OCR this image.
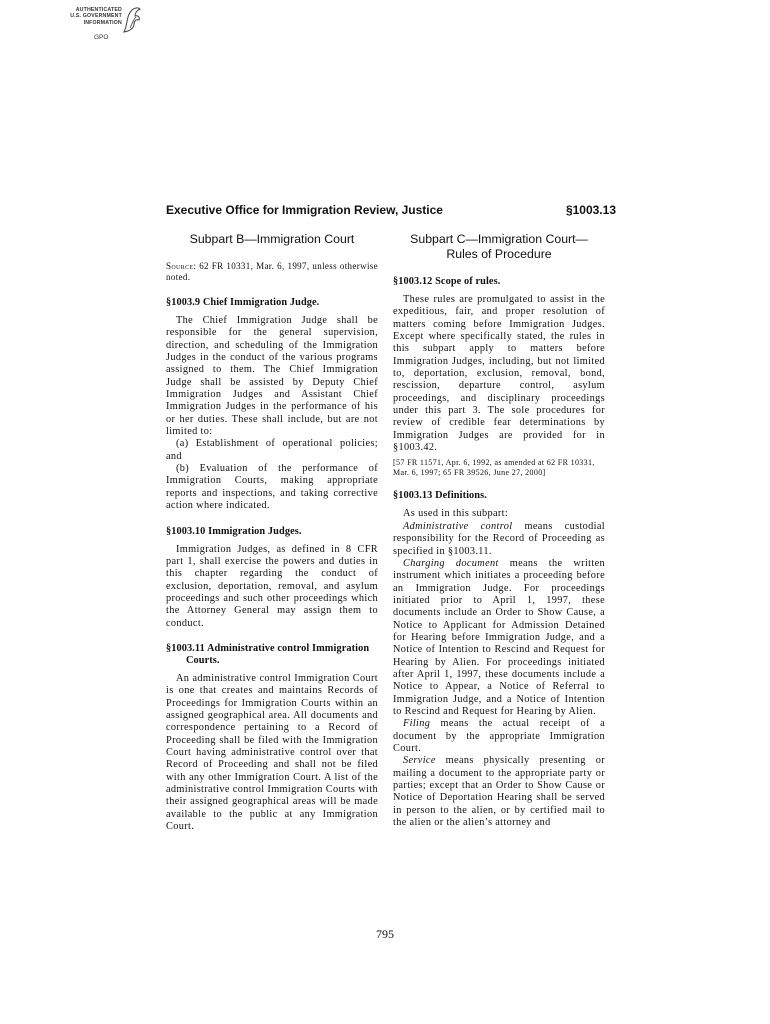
AUTHENTICATED
U.S. GOVERNMENT
INFORMATION
GPO
Executive Office for Immigration Review, Justice	§1003.13
Subpart B—Immigration Court
Source: 62 FR 10331, Mar. 6, 1997, unless otherwise noted.
§1003.9 Chief Immigration Judge.

The Chief Immigration Judge shall be responsible for the general supervision, direction, and scheduling of the Immigration Judges in the conduct of the various programs assigned to them. The Chief Immigration Judge shall be assisted by Deputy Chief Immigration Judges and Assistant Chief Immigration Judges in the performance of his or her duties. These shall include, but are not limited to:

(a) Establishment of operational policies; and

(b) Evaluation of the performance of Immigration Courts, making appropriate reports and inspections, and taking corrective action where indicated.

§1003.10 Immigration Judges.

Immigration Judges, as defined in 8 CFR part 1, shall exercise the powers and duties in this chapter regarding the conduct of exclusion, deportation, removal, and asylum proceedings and such other proceedings which the Attorney General may assign them to conduct.

§1003.11 Administrative control Immigration Courts.

An administrative control Immigration Court is one that creates and maintains Records of Proceedings for Immigration Courts within an assigned geographical area. All documents and correspondence pertaining to a Record of Proceeding shall be filed with the Immigration Court having administrative control over that Record of Proceeding and shall not be filed with any other Immigration Court. A list of the administrative control Immigration Courts with their assigned geographical areas will be made available to the public at any Immigration Court.

Subpart C—Immigration Court— Rules of Procedure
§1003.12 Scope of rules.

These rules are promulgated to assist in the expeditious, fair, and proper resolution of matters coming before Immigration Judges. Except where specifically stated, the rules in this subpart apply to matters before Immigration Judges, including, but not limited to, deportation, exclusion, removal, bond, rescission, departure control, asylum proceedings, and disciplinary proceedings under this part 3. The sole procedures for review of credible fear determinations by Immigration Judges are provided for in §1003.42.

[57 FR 11571, Apr. 6, 1992, as amended at 62 FR 10331, Mar. 6, 1997; 65 FR 39526, June 27, 2000]
§1003.13 Definitions.

As used in this subpart:

Administrative control means custodial responsibility for the Record of Proceeding as specified in §1003.11.

Charging document means the written instrument which initiates a proceeding before an Immigration Judge. For proceedings initiated prior to April 1, 1997, these documents include an Order to Show Cause, a Notice to Applicant for Admission Detained for Hearing before Immigration Judge, and a Notice of Intention to Rescind and Request for Hearing by Alien. For proceedings initiated after April 1, 1997, these documents include a Notice to Appear, a Notice of Referral to Immigration Judge, and a Notice of Intention to Rescind and Request for Hearing by Alien.

Filing means the actual receipt of a document by the appropriate Immigration Court.

Service means physically presenting or mailing a document to the appropriate party or parties; except that an Order to Show Cause or Notice of Deportation Hearing shall be served in person to the alien, or by certified mail to the alien or the alien’s attorney and

795
